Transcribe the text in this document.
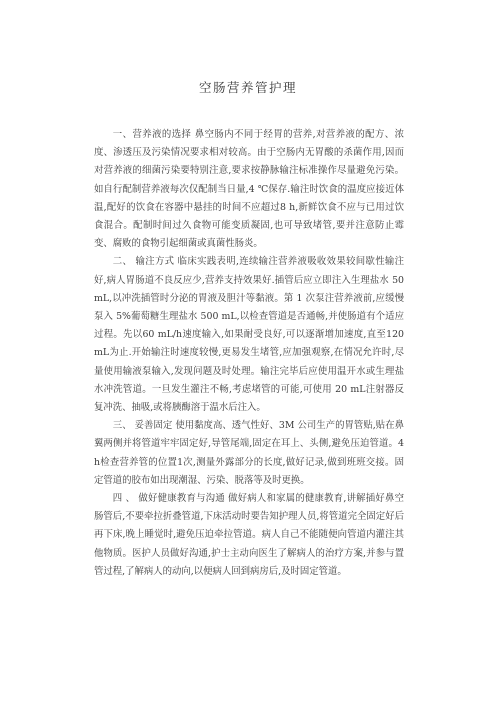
空肠营养管护理

一、营养液的选择 鼻空肠内不同于经胃的营养,对营养液的配方、浓度、渗透压及污染情况要求相对较高。由于空肠内无胃酸的杀菌作用,因而对营养液的细菌污染要特别注意,要求按静脉输注标准操作尽量避免污染。如自行配制营养液每次仅配制当日量,4 ℃保存.输注时饮食的温度应接近体温,配好的饮食在容器中悬挂的时间不应超过8 h,新鲜饮食不应与已用过饮食混合。配制时间过久食物可能变质凝固,也可导致堵管,要并注意防止霉变、腐败的食物引起细菌或真菌性肠炎。

二、 输注方式 临床实践表明,连续输注营养液吸收效果较间歇性输注好,病人胃肠道不良反应少,营养支持效果好.插管后应立即注入生理盐水 50 mL,以冲洗插管时分泌的胃液及胆汁等黏液。第 1 次泵注营养液前,应缓慢泵入 5%葡萄糖生理盐水 500 mL,以检查管道是否通畅,并使肠道有个适应过程。先以60 mL/h速度输入,如果耐受良好,可以逐渐增加速度,直至120 mL为止.开始输注时速度较慢,更易发生堵管,应加强观察,在情况允许时,尽量使用输液泵输入,发现问题及时处理。输注完毕后应使用温开水或生理盐水冲洗管道。一旦发生灌注不畅,考虑堵管的可能,可使用 20 mL注射器反复冲洗、抽吸,或将胰酶溶于温水后注入。

三、 妥善固定 使用黏度高、透气性好、3M 公司生产的胃管贴,贴在鼻翼两侧并将管道牢牢固定好,导管尾端,固定在耳上、头侧,避免压迫管道。4 h检查营养管的位置1次,测量外露部分的长度,做好记录,做到班班交接。固定管道的胶布如出现潮湿、污染、脱落等及时更换。

四 、 做好健康教育与沟通 做好病人和家属的健康教育,讲解插好鼻空肠管后,不要牵拉折叠管道,下床活动时要告知护理人员,将管道完全固定好后再下床,晚上睡觉时,避免压迫牵拉管道。病人自己不能随便向管道内灌注其他物质。医护人员做好沟通,护士主动向医生了解病人的治疗方案,并参与置管过程,了解病人的动向,以便病人回到病房后,及时固定管道。
